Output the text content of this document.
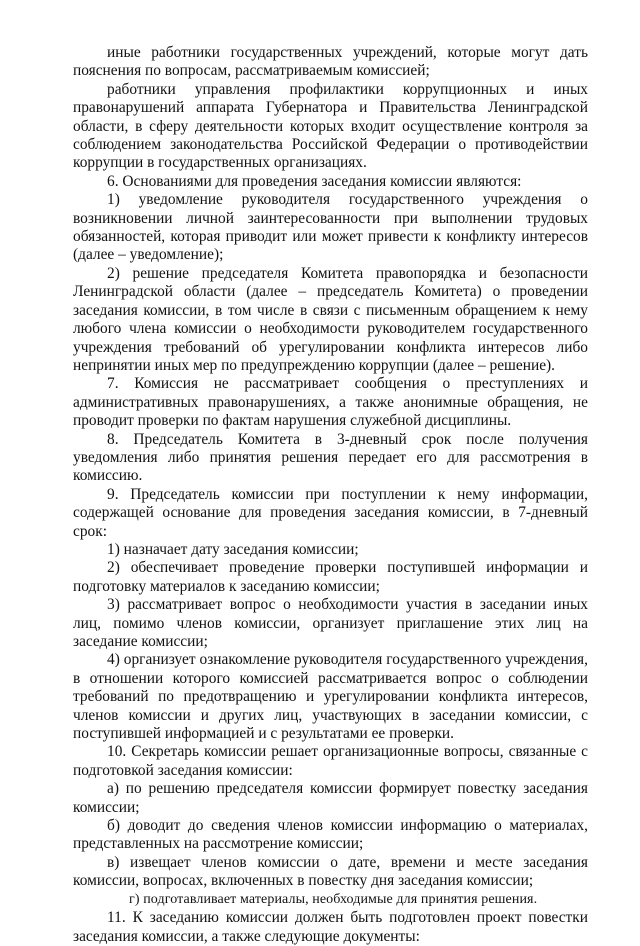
иные работники государственных учреждений, которые могут дать пояснения по вопросам, рассматриваемым комиссией;

работники управления профилактики коррупционных и иных правонарушений аппарата Губернатора и Правительства Ленинградской области, в сферу деятельности которых входит осуществление контроля за соблюдением законодательства Российской Федерации о противодействии коррупции в государственных организациях.

6. Основаниями для проведения заседания комиссии являются:

1) уведомление руководителя государственного учреждения о возникновении личной заинтересованности при выполнении трудовых обязанностей, которая приводит или может привести к конфликту интересов (далее – уведомление);

2) решение председателя Комитета правопорядка и безопасности Ленинградской области (далее – председатель Комитета) о проведении заседания комиссии, в том числе в связи с письменным обращением к нему любого члена комиссии о необходимости руководителем государственного учреждения требований об урегулировании конфликта интересов либо непринятии иных мер по предупреждению коррупции (далее – решение).

7. Комиссия не рассматривает сообщения о преступлениях и административных правонарушениях, а также анонимные обращения, не проводит проверки по фактам нарушения служебной дисциплины.

8. Председатель Комитета в 3-дневный срок после получения уведомления либо принятия решения передает его для рассмотрения в комиссию.

9. Председатель комиссии при поступлении к нему информации, содержащей основание для проведения заседания комиссии, в 7-дневный срок:

1) назначает дату заседания комиссии;

2) обеспечивает проведение проверки поступившей информации и подготовку материалов к заседанию комиссии;

3) рассматривает вопрос о необходимости участия в заседании иных лиц, помимо членов комиссии, организует приглашение этих лиц на заседание комиссии;

4) организует ознакомление руководителя государственного учреждения, в отношении которого комиссией рассматривается вопрос о соблюдении требований по предотвращению и урегулировании конфликта интересов, членов комиссии и других лиц, участвующих в заседании комиссии, с поступившей информацией и с результатами ее проверки.

10. Секретарь комиссии решает организационные вопросы, связанные с подготовкой заседания комиссии:

а) по решению председателя комиссии формирует повестку заседания комиссии;

б) доводит до сведения членов комиссии информацию о материалах, представленных на рассмотрение комиссии;

в) извещает членов комиссии о дате, времени и месте заседания комиссии, вопросах, включенных в повестку дня заседания комиссии;

г) подготавливает материалы, необходимые для принятия решения.

11. К заседанию комиссии должен быть подготовлен проект повестки заседания комиссии, а также следующие документы:
